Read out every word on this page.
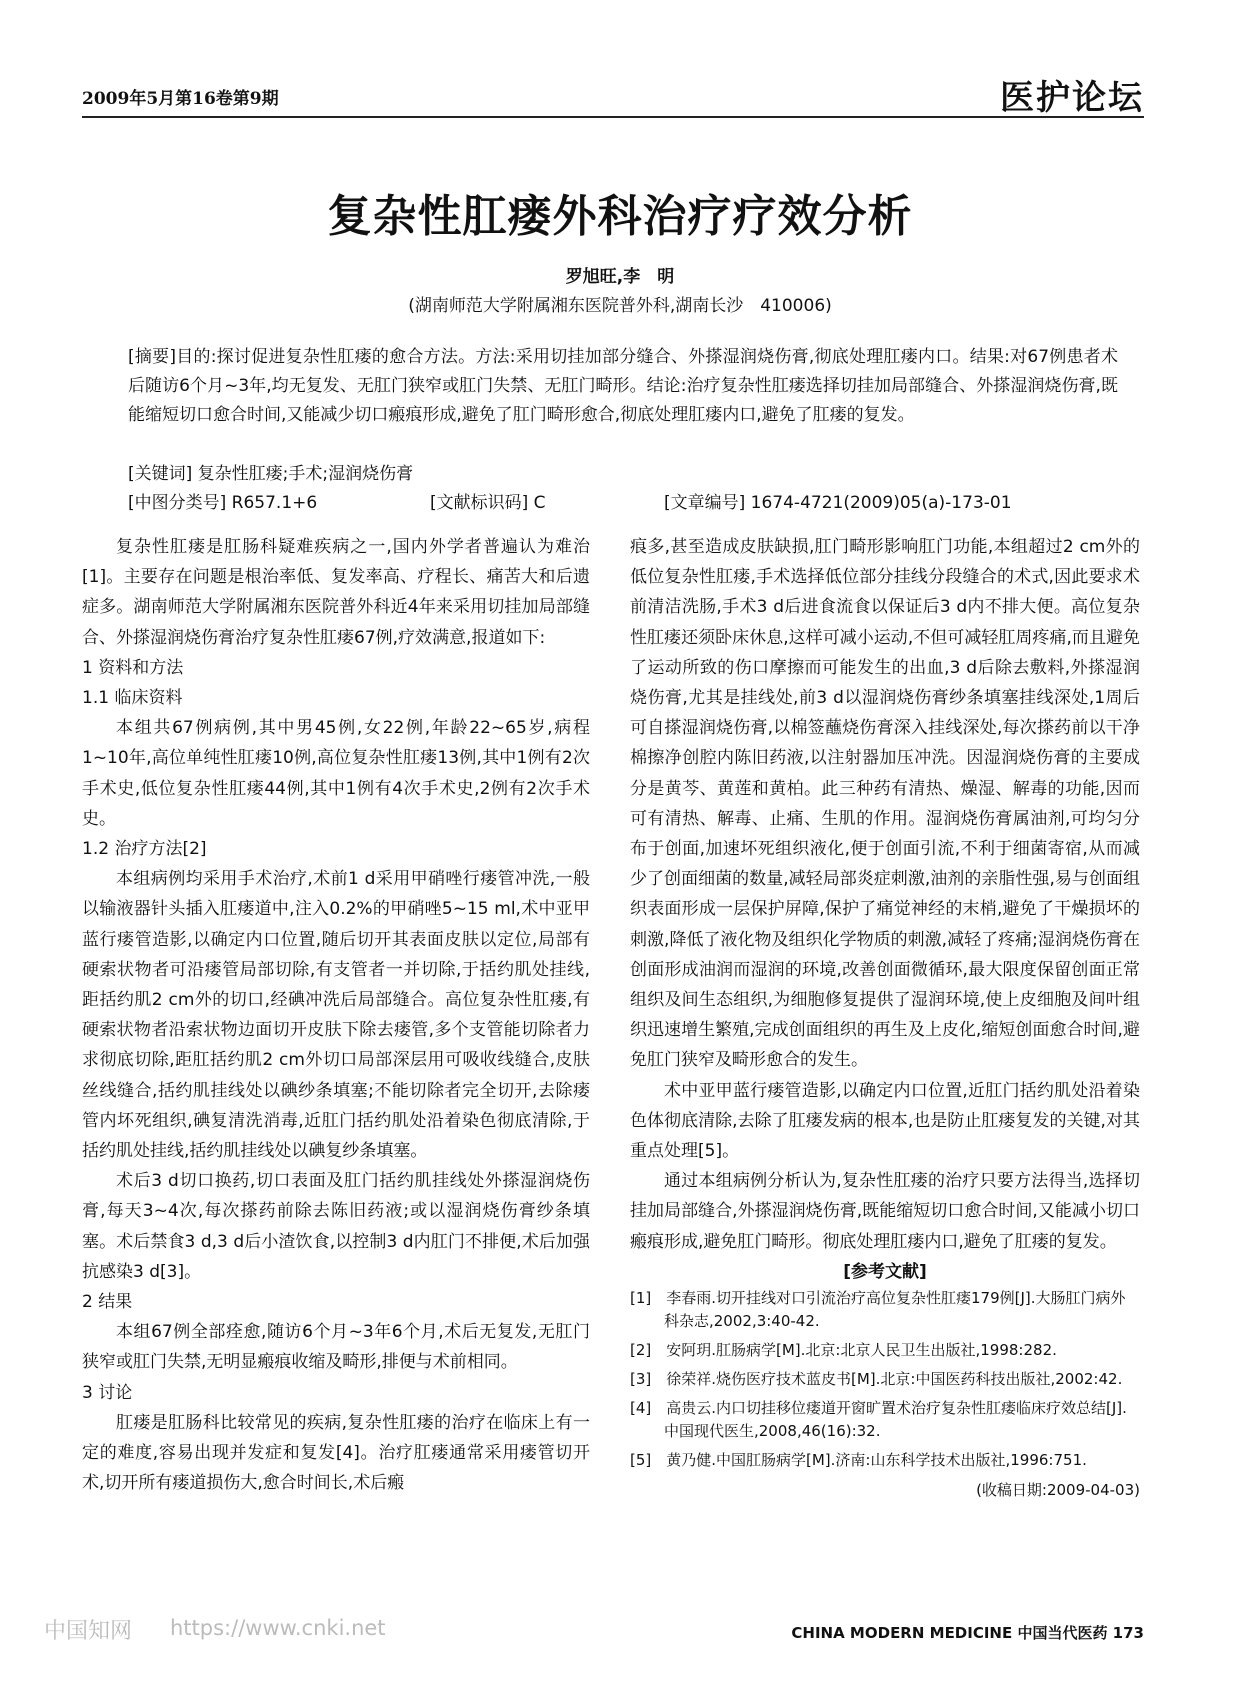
2009年5月第16卷第9期	医护论坛
复杂性肛瘘外科治疗疗效分析
罗旭旺,李　明
(湖南师范大学附属湘东医院普外科,湖南长沙　410006)
[摘要]目的:探讨促进复杂性肛瘘的愈合方法。方法:采用切挂加部分缝合、外搽湿润烧伤膏,彻底处理肛瘘内口。结果:对67例患者术后随访6个月~3年,均无复发、无肛门狭窄或肛门失禁、无肛门畸形。结论:治疗复杂性肛瘘选择切挂加局部缝合、外搽湿润烧伤膏,既能缩短切口愈合时间,又能减少切口瘢痕形成,避免了肛门畸形愈合,彻底处理肛瘘内口,避免了肛瘘的复发。
[关键词] 复杂性肛瘘;手术;湿润烧伤膏
[中图分类号] R657.1+6	[文献标识码] C	[文章编号] 1674-4721(2009)05(a)-173-01

复杂性肛瘘是肛肠科疑难疾病之一,国内外学者普遍认为难治[1]。主要存在问题是根治率低、复发率高、疗程长、痛苦大和后遗症多。湖南师范大学附属湘东医院普外科近4年来采用切挂加局部缝合、外搽湿润烧伤膏治疗复杂性肛瘘67例,疗效满意,报道如下:

1 资料和方法
1.1 临床资料

本组共67例病例,其中男45例,女22例,年龄22~65岁,病程1~10年,高位单纯性肛瘘10例,高位复杂性肛瘘13例,其中1例有2次手术史,低位复杂性肛瘘44例,其中1例有4次手术史,2例有2次手术史。

1.2 治疗方法[2]

本组病例均采用手术治疗,术前1 d采用甲硝唑行瘘管冲洗,一般以输液器针头插入肛瘘道中,注入0.2%的甲硝唑5~15 ml,术中亚甲蓝行瘘管造影,以确定内口位置,随后切开其表面皮肤以定位,局部有硬索状物者可沿瘘管局部切除,有支管者一并切除,于括约肌处挂线,距括约肌2 cm外的切口,经碘冲洗后局部缝合。高位复杂性肛瘘,有硬索状物者沿索状物边面切开皮肤下除去瘘管,多个支管能切除者力求彻底切除,距肛括约肌2 cm外切口局部深层用可吸收线缝合,皮肤丝线缝合,括约肌挂线处以碘纱条填塞;不能切除者完全切开,去除瘘管内坏死组织,碘复清洗消毒,近肛门括约肌处沿着染色彻底清除,于括约肌处挂线,括约肌挂线处以碘复纱条填塞。

术后3 d切口换药,切口表面及肛门括约肌挂线处外搽湿润烧伤膏,每天3~4次,每次搽药前除去陈旧药液;或以湿润烧伤膏纱条填塞。术后禁食3 d,3 d后小渣饮食,以控制3 d内肛门不排便,术后加强抗感染3 d[3]。

2 结果

本组67例全部痊愈,随访6个月~3年6个月,术后无复发,无肛门狭窄或肛门失禁,无明显瘢痕收缩及畸形,排便与术前相同。

3 讨论

肛瘘是肛肠科比较常见的疾病,复杂性肛瘘的治疗在临床上有一定的难度,容易出现并发症和复发[4]。治疗肛瘘通常采用瘘管切开术,切开所有瘘道损伤大,愈合时间长,术后瘢

痕多,甚至造成皮肤缺损,肛门畸形影响肛门功能,本组超过2 cm外的低位复杂性肛瘘,手术选择低位部分挂线分段缝合的术式,因此要求术前清洁洗肠,手术3 d后进食流食以保证后3 d内不排大便。高位复杂性肛瘘还须卧床休息,这样可减小运动,不但可减轻肛周疼痛,而且避免了运动所致的伤口摩擦而可能发生的出血,3 d后除去敷料,外搽湿润烧伤膏,尤其是挂线处,前3 d以湿润烧伤膏纱条填塞挂线深处,1周后可自搽湿润烧伤膏,以棉签蘸烧伤膏深入挂线深处,每次搽药前以干净棉擦净创腔内陈旧药液,以注射器加压冲洗。因湿润烧伤膏的主要成分是黄芩、黄莲和黄柏。此三种药有清热、燥湿、解毒的功能,因而可有清热、解毒、止痛、生肌的作用。湿润烧伤膏属油剂,可均匀分布于创面,加速坏死组织液化,便于创面引流,不利于细菌寄宿,从而减少了创面细菌的数量,减轻局部炎症刺激,油剂的亲脂性强,易与创面组织表面形成一层保护屏障,保护了痛觉神经的末梢,避免了干燥损坏的刺激,降低了液化物及组织化学物质的刺激,减轻了疼痛;湿润烧伤膏在创面形成油润而湿润的环境,改善创面微循环,最大限度保留创面正常组织及间生态组织,为细胞修复提供了湿润环境,使上皮细胞及间叶组织迅速增生繁殖,完成创面组织的再生及上皮化,缩短创面愈合时间,避免肛门狭窄及畸形愈合的发生。

术中亚甲蓝行瘘管造影,以确定内口位置,近肛门括约肌处沿着染色体彻底清除,去除了肛瘘发病的根本,也是防止肛瘘复发的关键,对其重点处理[5]。

通过本组病例分析认为,复杂性肛瘘的治疗只要方法得当,选择切挂加局部缝合,外搽湿润烧伤膏,既能缩短切口愈合时间,又能减小切口瘢痕形成,避免肛门畸形。彻底处理肛瘘内口,避免了肛瘘的复发。

[参考文献]
[1]　李春雨.切开挂线对口引流治疗高位复杂性肛瘘179例[J].大肠肛门病外科杂志,2002,3:40-42.
[2]　安阿玥.肛肠病学[M].北京:北京人民卫生出版社,1998:282.
[3]　徐荣祥.烧伤医疗技术蓝皮书[M].北京:中国医药科技出版社,2002:42.
[4]　高贵云.内口切挂移位瘘道开窗旷置术治疗复杂性肛瘘临床疗效总结[J].中国现代医生,2008,46(16):32.
[5]　黄乃健.中国肛肠病学[M].济南:山东科学技术出版社,1996:751.
(收稿日期:2009-04-03)
中国知网 https://www.cnki.net	CHINA MODERN MEDICINE 中国当代医药 173
